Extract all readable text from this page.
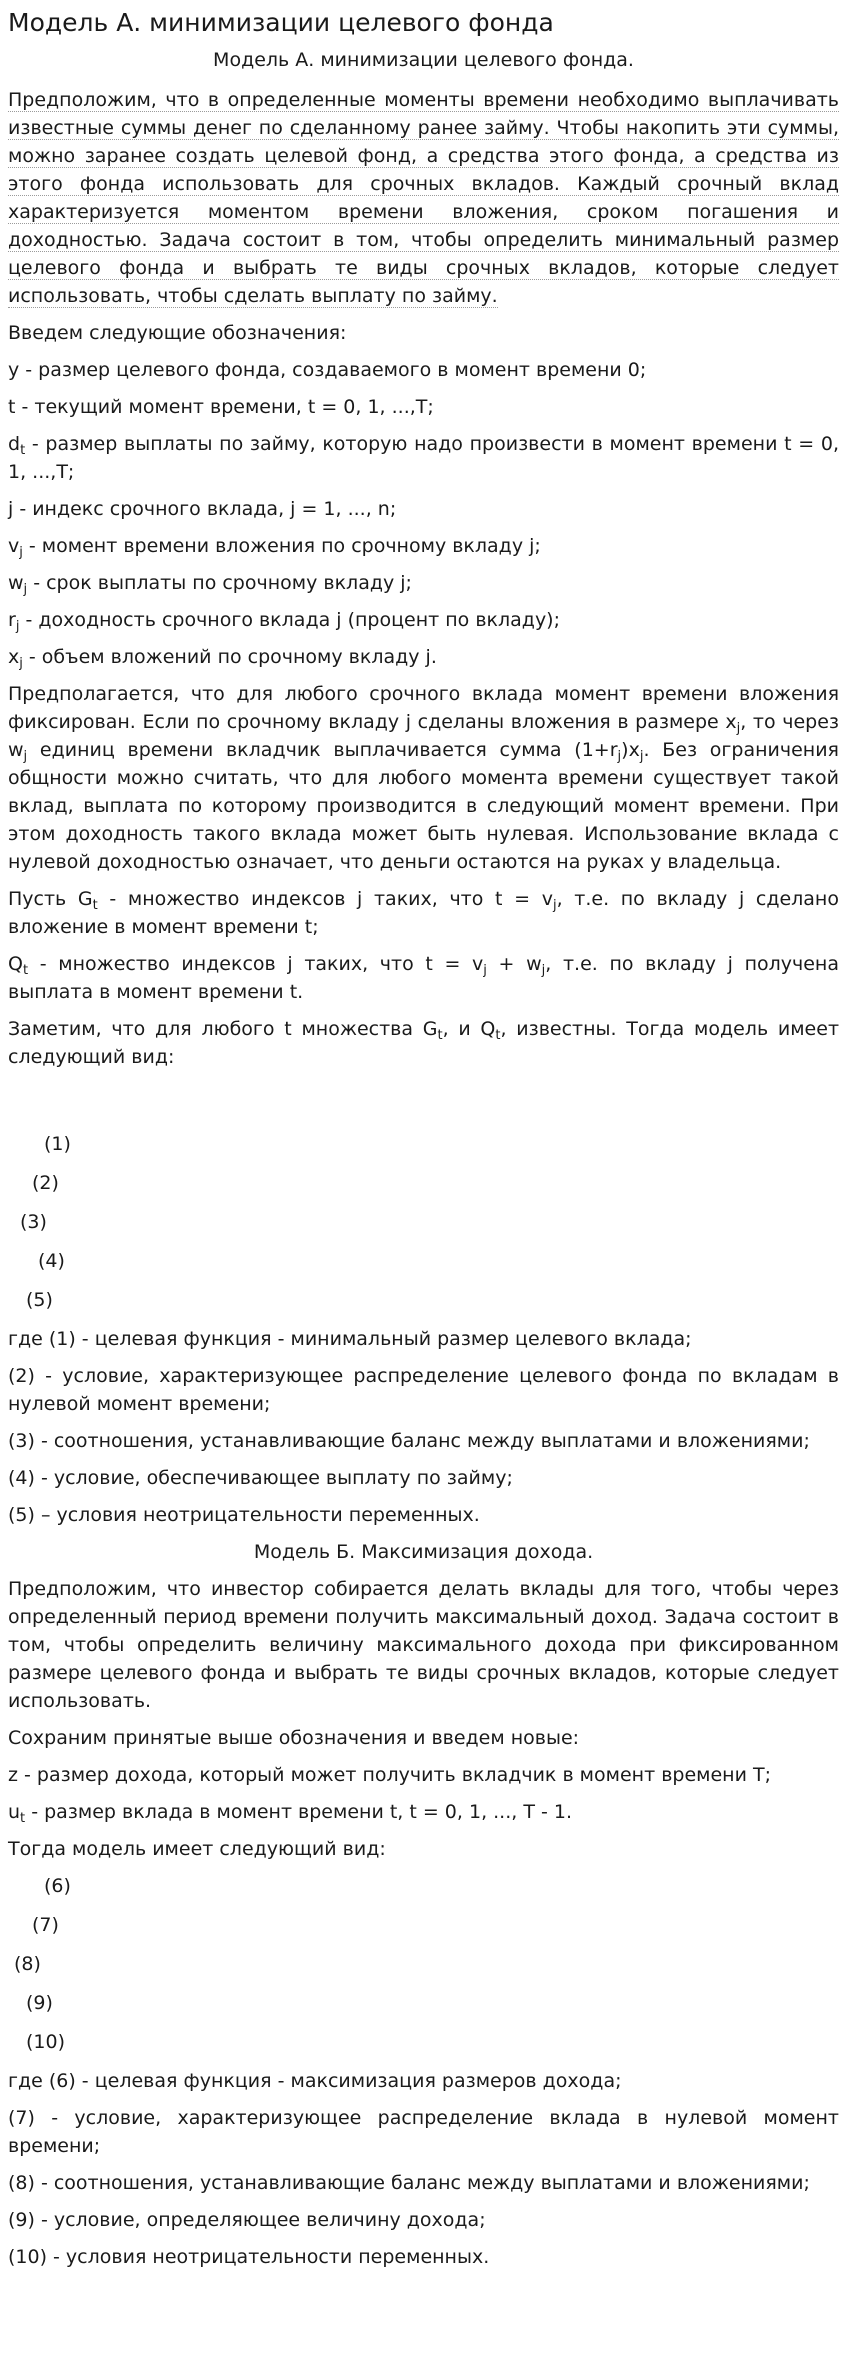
Модель А. минимизации целевого фонда

Модель А. минимизации целевого фонда.

Предположим, что в определенные моменты времени необходимо выплачивать известные суммы денег по сделанному ранее займу. Чтобы накопить эти суммы, можно заранее создать целевой фонд, а средства этого фонда, а средства из этого фонда использовать для срочных вкладов. Каждый срочный вклад характеризуется моментом времени вложения, сроком погашения и доходностью. Задача состоит в том, чтобы определить минимальный размер целевого фонда и выбрать те виды срочных вкладов, которые следует использовать, чтобы сделать выплату по займу.

Введем следующие обозначения:

y - размер целевого фонда, создаваемого в момент времени 0;

t - текущий момент времени, t = 0, 1, ...,T;

$d_t$ - размер выплаты по займу, которую надо произвести в момент времени t = 0, 1, ...,T;

j - индекс срочного вклада, j = 1, ..., n;

$v_j$ - момент времени вложения по срочному вкладу j;

$w_j$ - срок выплаты по срочному вкладу j;

$r_j$ - доходность срочного вклада j (процент по вкладу);

$x_j$ - объем вложений по срочному вкладу j.

Предполагается, что для любого срочного вклада момент времени вложения фиксирован. Если по срочному вкладу j сделаны вложения в размере $x_j$, то через $w_j$ единиц времени вкладчик выплачивается сумма $(1+r_j)x_j$. Без ограничения общности можно считать, что для любого момента времени существует такой вклад, выплата по которому производится в следующий момент времени. При этом доходность такого вклада может быть нулевая. Использование вклада с нулевой доходностью означает, что деньги остаются на руках у владельца.

Пусть $G_t$ - множество индексов j таких, что $t = v_j$, т.е. по вкладу j сделано вложение в момент времени t;

$Q_t$ - множество индексов j таких, что $t = v_j + w_j$, т.е. по вкладу j получена выплата в момент времени t.

Заметим, что для любого t множества $G_t$, и $Q_t$, известны. Тогда модель имеет следующий вид:

(1)

(2)

(3)

(4)

(5)

где (1) - целевая функция - минимальный размер целевого вклада;

(2) - условие, характеризующее распределение целевого фонда по вкладам в нулевой момент времени;

(3) - соотношения, устанавливающие баланс между выплатами и вложениями;

(4) - условие, обеспечивающее выплату по займу;

(5) – условия неотрицательности переменных.

Модель Б. Максимизация дохода.

Предположим, что инвестор собирается делать вклады для того, чтобы через определенный период времени получить максимальный доход. Задача состоит в том, чтобы определить величину максимального дохода при фиксированном размере целевого фонда и выбрать те виды срочных вкладов, которые следует использовать.

Сохраним принятые выше обозначения и введем новые:

z - размер дохода, который может получить вкладчик в момент времени T;

$u_t$ - размер вклада в момент времени t, t = 0, 1, ..., T - 1.

Тогда модель имеет следующий вид:

(6)

(7)

(8)

(9)

(10)

где (6) - целевая функция - максимизация размеров дохода;

(7) - условие, характеризующее распределение вклада в нулевой момент времени;

(8) - соотношения, устанавливающие баланс между выплатами и вложениями;

(9) - условие, определяющее величину дохода;

(10) - условия неотрицательности переменных.
